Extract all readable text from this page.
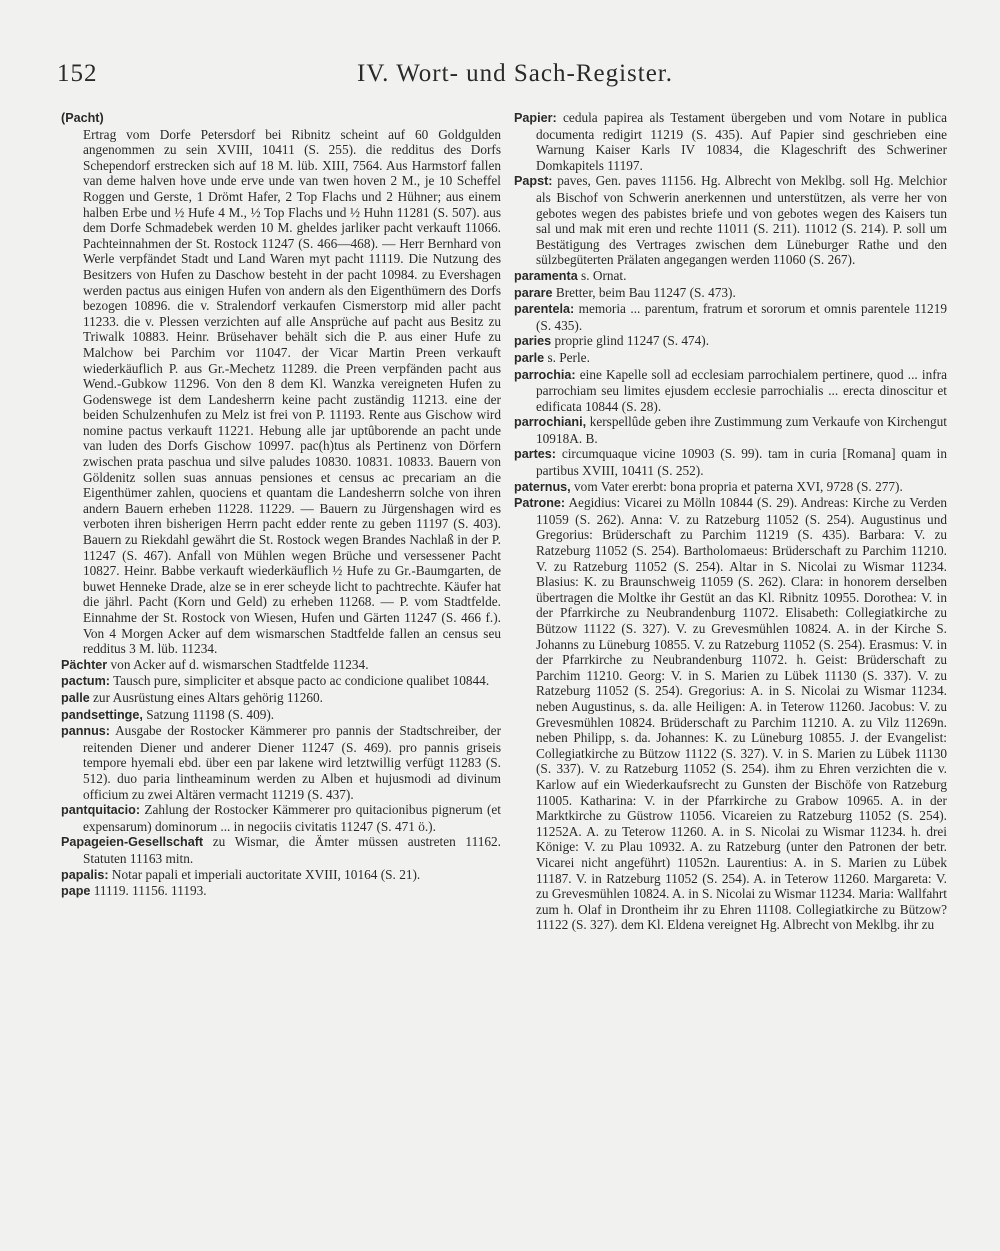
152	IV. Wort- und Sach-Register.

(Pacht)

Ertrag vom Dorfe Petersdorf bei Ribnitz scheint auf 60 Goldgulden angenommen zu sein XVIII, 10411 (S. 255). die redditus des Dorfs Schependorf erstrecken sich auf 18 M. lüb. XIII, 7564. Aus Harmstorf fallen van deme halven hove unde erve unde van twen hoven 2 M., je 10 Scheffel Roggen und Gerste, 1 Drömt Hafer, 2 Top Flachs und 2 Hühner; aus einem halben Erbe und ½ Hufe 4 M., ½ Top Flachs und ½ Huhn 11281 (S. 507). aus dem Dorfe Schmadebek werden 10 M. gheldes jarliker pacht verkauft 11066. Pachteinnahmen der St. Rostock 11247 (S. 466—468). — Herr Bernhard von Werle verpfändet Stadt und Land Waren myt pacht 11119. Die Nutzung des Besitzers von Hufen zu Daschow besteht in der pacht 10984. zu Evershagen werden pactus aus einigen Hufen von andern als den Eigenthümern des Dorfs bezogen 10896. die v. Stralendorf verkaufen Cismerstorp mid aller pacht 11233. die v. Plessen verzichten auf alle Ansprüche auf pacht aus Besitz zu Triwalk 10883. Heinr. Brüsehaver behält sich die P. aus einer Hufe zu Malchow bei Parchim vor 11047. der Vicar Martin Preen verkauft wiederkäuflich P. aus Gr.-Mechetz 11289. die Preen verpfänden pacht aus Wend.-Gubkow 11296. Von den 8 dem Kl. Wanzka vereigneten Hufen zu Godenswege ist dem Landesherrn keine pacht zuständig 11213. eine der beiden Schulzenhufen zu Melz ist frei von P. 11193. Rente aus Gischow wird nomine pactus verkauft 11221. Hebung alle jar uptȗborende an pacht unde van luden des Dorfs Gischow 10997. pac(h)tus als Pertinenz von Dörfern zwischen prata paschua und silve paludes 10830. 10831. 10833. Bauern von Göldenitz sollen suas annuas pensiones et census ac precariam an die Eigenthümer zahlen, quociens et quantam die Landesherrn solche von ihren andern Bauern erheben 11228. 11229. — Bauern zu Jürgenshagen wird es verboten ihren bisherigen Herrn pacht edder rente zu geben 11197 (S. 403). Bauern zu Riekdahl gewährt die St. Rostock wegen Brandes Nachlaß in der P. 11247 (S. 467). Anfall von Mühlen wegen Brüche und versessener Pacht 10827. Heinr. Babbe verkauft wiederkäuflich ½ Hufe zu Gr.-Baumgarten, de buwet Henneke Drade, alze se in erer scheyde licht to pachtrechte. Käufer hat die jährl. Pacht (Korn und Geld) zu erheben 11268. — P. vom Stadtfelde. Einnahme der St. Rostock von Wiesen, Hufen und Gärten 11247 (S. 466 f.). Von 4 Morgen Acker auf dem wismarschen Stadtfelde fallen an census seu redditus 3 M. lüb. 11234.

Pächter von Acker auf d. wismarschen Stadtfelde 11234.

pactum: Tausch pure, simpliciter et absque pacto ac condicione qualibet 10844.

palle zur Ausrüstung eines Altars gehörig 11260.

pandsettinge, Satzung 11198 (S. 409).

pannus: Ausgabe der Rostocker Kämmerer pro pannis der Stadtschreiber, der reitenden Diener und anderer Diener 11247 (S. 469). pro pannis griseis tempore hyemali ebd. über een par lakene wird letztwillig verfügt 11283 (S. 512). duo paria lintheaminum werden zu Alben et hujusmodi ad divinum officium zu zwei Altären vermacht 11219 (S. 437).

pantquitacio: Zahlung der Rostocker Kämmerer pro quitacionibus pignerum (et expensarum) dominorum ... in negociis civitatis 11247 (S. 471 ö.).

Papageien-Gesellschaft zu Wismar, die Ämter müssen austreten 11162. Statuten 11163 mitn.

papalis: Notar papali et imperiali auctoritate XVIII, 10164 (S. 21).

pape 11119. 11156. 11193.

Papier: cedula papirea als Testament übergeben und vom Notare in publica documenta redigirt 11219 (S. 435). Auf Papier sind geschrieben eine Warnung Kaiser Karls IV 10834, die Klageschrift des Schweriner Domkapitels 11197.

Papst: paves, Gen. paves 11156. Hg. Albrecht von Meklbg. soll Hg. Melchior als Bischof von Schwerin anerkennen und unterstützen, als verre her von gebotes wegen des pabistes briefe und von gebotes wegen des Kaisers tun sal und mak mit eren und rechte 11011 (S. 211). 11012 (S. 214). P. soll um Bestätigung des Vertrages zwischen dem Lüneburger Rathe und den sülzbegüterten Prälaten angegangen werden 11060 (S. 267).

paramenta s. Ornat.

parare Bretter, beim Bau 11247 (S. 473).

parentela: memoria ... parentum, fratrum et sororum et omnis parentele 11219 (S. 435).

paries proprie glind 11247 (S. 474).

parle s. Perle.

parrochia: eine Kapelle soll ad ecclesiam parrochialem pertinere, quod ... infra parrochiam seu limites ejusdem ecclesie parrochialis ... erecta dinoscitur et edificata 10844 (S. 28).

parrochiani, kerspellȗde geben ihre Zustimmung zum Verkaufe von Kirchengut 10918A. B.

partes: circumquaque vicine 10903 (S. 99). tam in curia [Romana] quam in partibus XVIII, 10411 (S. 252).

paternus, vom Vater ererbt: bona propria et paterna XVI, 9728 (S. 277).

Patrone: Aegidius: Vicarei zu Mölln 10844 (S. 29). Andreas: Kirche zu Verden 11059 (S. 262). Anna: V. zu Ratzeburg 11052 (S. 254). Augustinus und Gregorius: Brüderschaft zu Parchim 11219 (S. 435). Barbara: V. zu Ratzeburg 11052 (S. 254). Bartholomaeus: Brüderschaft zu Parchim 11210. V. zu Ratzeburg 11052 (S. 254). Altar in S. Nicolai zu Wismar 11234. Blasius: K. zu Braunschweig 11059 (S. 262). Clara: in honorem derselben übertragen die Moltke ihr Gestüt an das Kl. Ribnitz 10955. Dorothea: V. in der Pfarrkirche zu Neubrandenburg 11072. Elisabeth: Collegiatkirche zu Bützow 11122 (S. 327). V. zu Grevesmühlen 10824. A. in der Kirche S. Johanns zu Lüneburg 10855. V. zu Ratzeburg 11052 (S. 254). Erasmus: V. in der Pfarrkirche zu Neubrandenburg 11072. h. Geist: Brüderschaft zu Parchim 11210. Georg: V. in S. Marien zu Lübek 11130 (S. 337). V. zu Ratzeburg 11052 (S. 254). Gregorius: A. in S. Nicolai zu Wismar 11234. neben Augustinus, s. da. alle Heiligen: A. in Teterow 11260. Jacobus: V. zu Grevesmühlen 10824. Brüderschaft zu Parchim 11210. A. zu Vilz 11269n. neben Philipp, s. da. Johannes: K. zu Lüneburg 10855. J. der Evangelist: Collegiatkirche zu Bützow 11122 (S. 327). V. in S. Marien zu Lübek 11130 (S. 337). V. zu Ratzeburg 11052 (S. 254). ihm zu Ehren verzichten die v. Karlow auf ein Wiederkaufsrecht zu Gunsten der Bischöfe von Ratzeburg 11005. Katharina: V. in der Pfarrkirche zu Grabow 10965. A. in der Marktkirche zu Güstrow 11056. Vicareien zu Ratzeburg 11052 (S. 254). 11252A. A. zu Teterow 11260. A. in S. Nicolai zu Wismar 11234. h. drei Könige: V. zu Plau 10932. A. zu Ratzeburg (unter den Patronen der betr. Vicarei nicht angeführt) 11052n. Laurentius: A. in S. Marien zu Lübek 11187. V. in Ratzeburg 11052 (S. 254). A. in Teterow 11260. Margareta: V. zu Grevesmühlen 10824. A. in S. Nicolai zu Wismar 11234. Maria: Wallfahrt zum h. Olaf in Drontheim ihr zu Ehren 11108. Collegiatkirche zu Bützow? 11122 (S. 327). dem Kl. Eldena vereignet Hg. Albrecht von Meklbg. ihr zu
